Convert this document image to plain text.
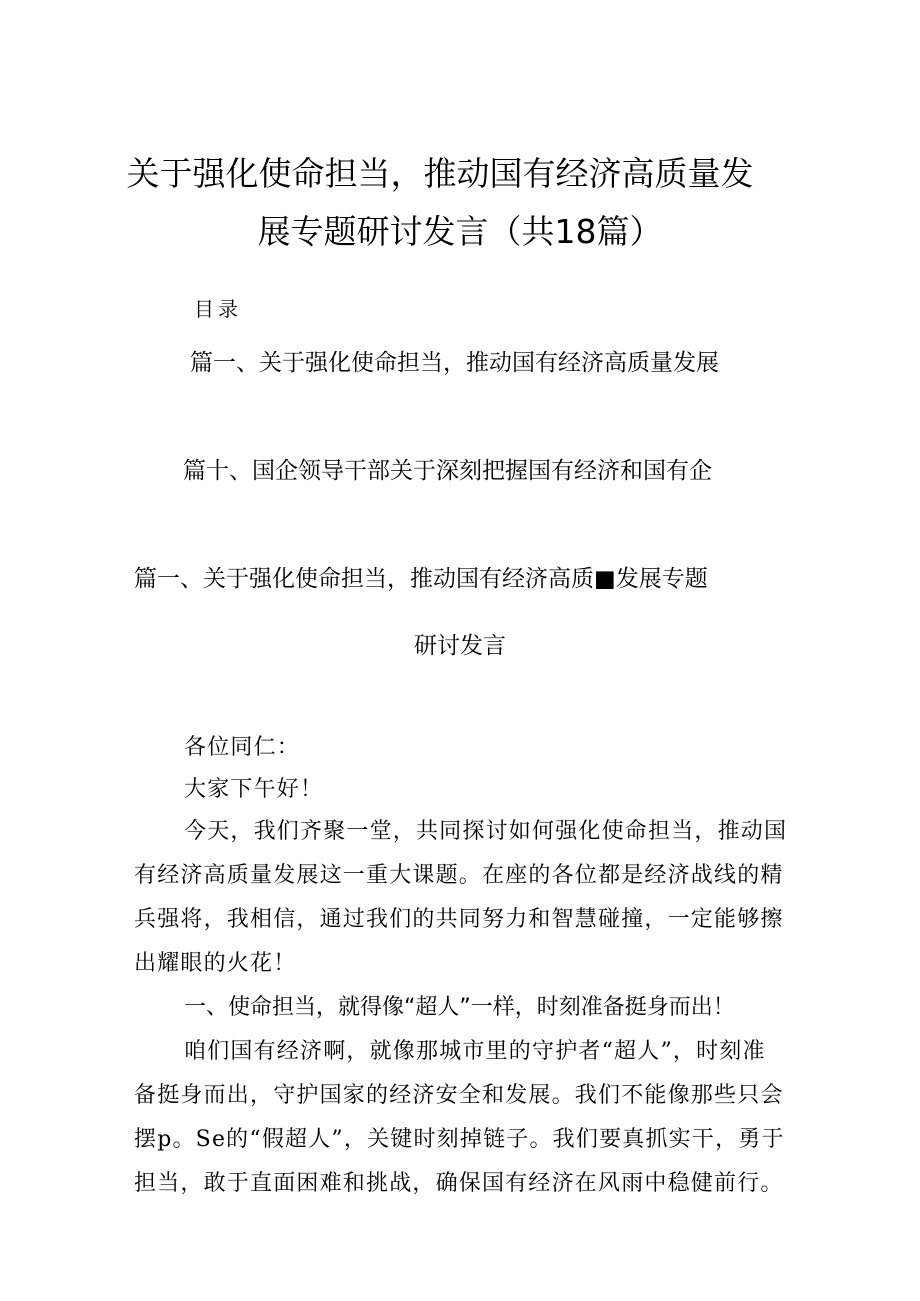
关于强化使命担当，推动国有经济高质量发
展专题研讨发言（共18篇）
目录
篇一、关于强化使命担当，推动国有经济高质量发展
篇十、国企领导干部关于深刻把握国有经济和国有企
篇一、关于强化使命担当，推动国有经济高质■发展专题
研讨发言
各位同仁：
大家下午好！
今天，我们齐聚一堂，共同探讨如何强化使命担当，推动国
有经济高质量发展这一重大课题。在座的各位都是经济战线的精
兵强将，我相信，通过我们的共同努力和智慧碰撞，一定能够擦
出耀眼的火花！
一、使命担当，就得像“超人”一样，时刻准备挺身而出！
咱们国有经济啊，就像那城市里的守护者“超人”，时刻准
备挺身而出，守护国家的经济安全和发展。我们不能像那些只会
摆p。Se的“假超人”，关键时刻掉链子。我们要真抓实干，勇于
担当，敢于直面困难和挑战，确保国有经济在风雨中稳健前行。
